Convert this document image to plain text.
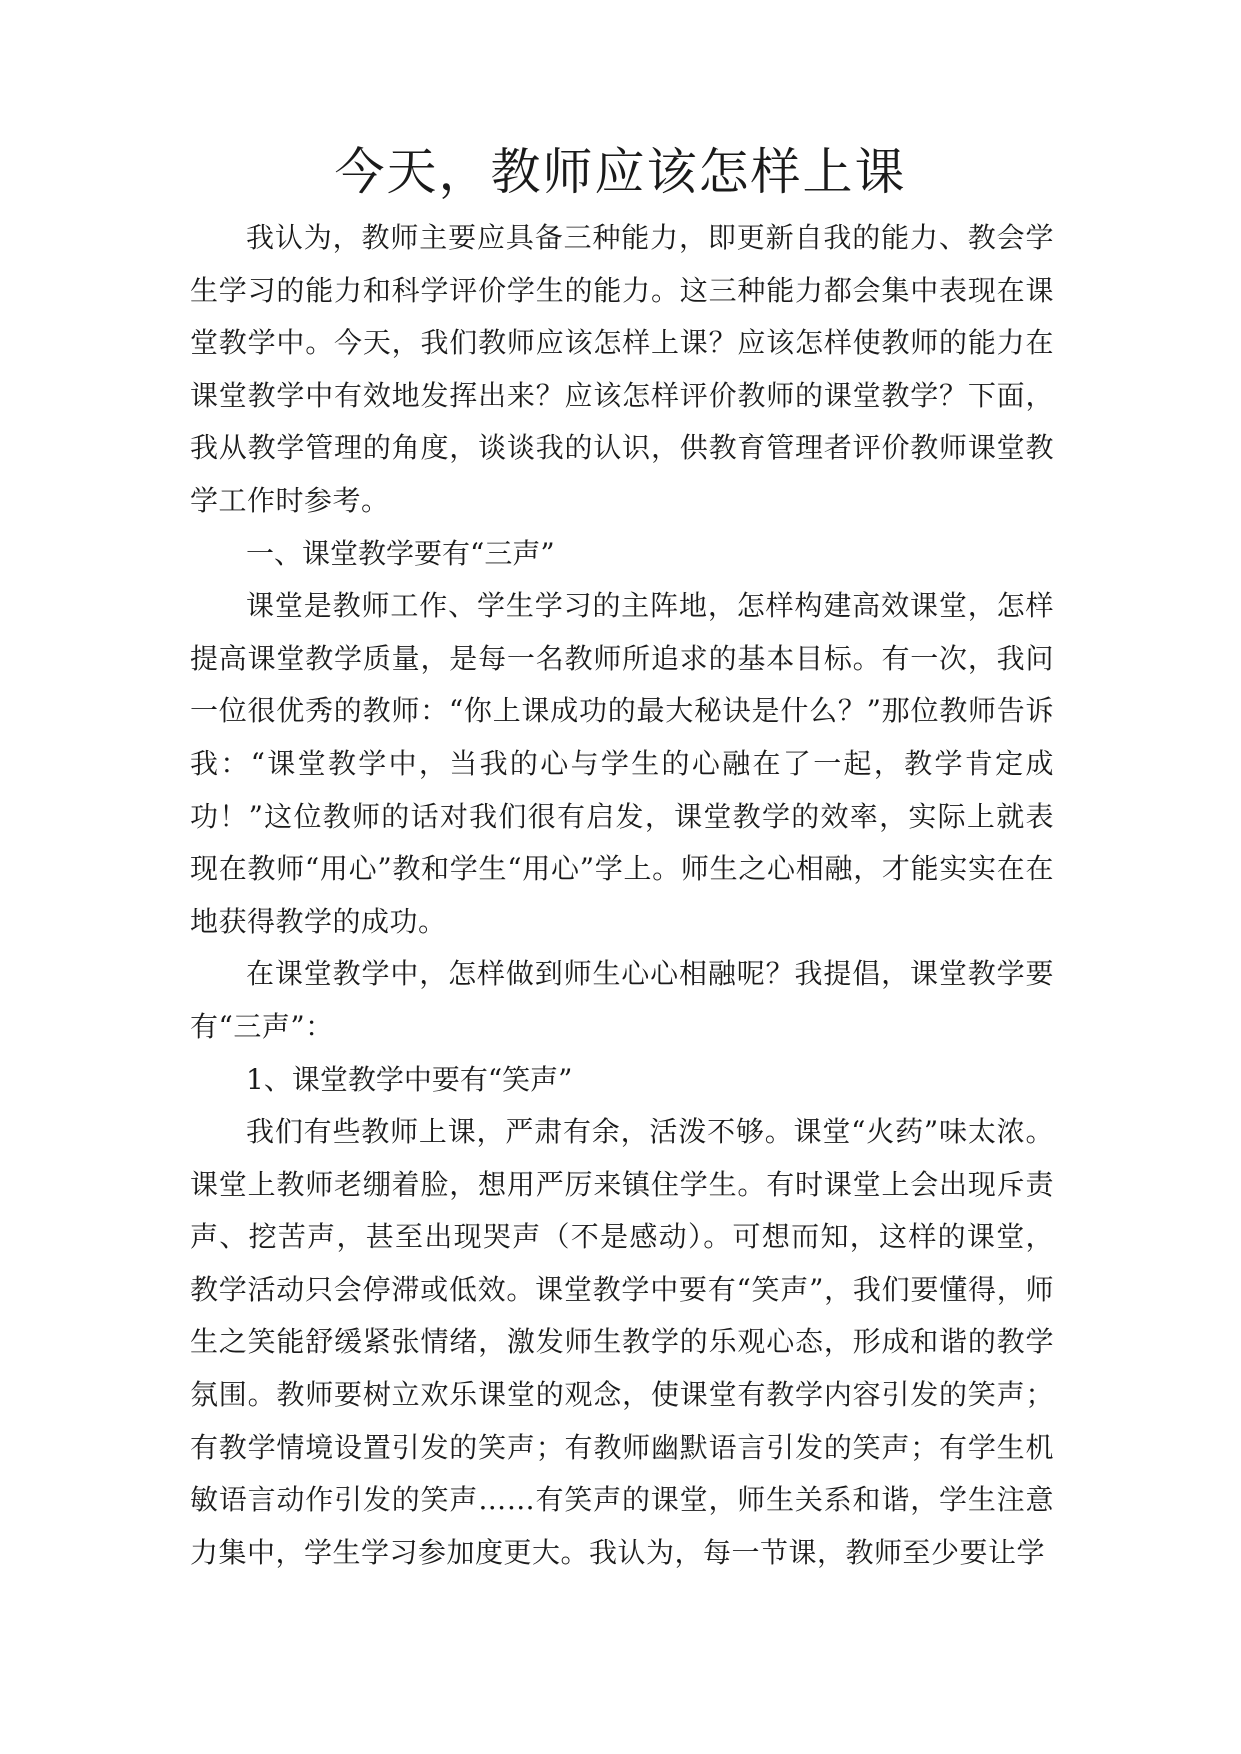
今天，教师应该怎样上课

我认为，教师主要应具备三种能力，即更新自我的能力、教会学生学习的能力和科学评价学生的能力。这三种能力都会集中表现在课堂教学中。今天，我们教师应该怎样上课？应该怎样使教师的能力在课堂教学中有效地发挥出来？应该怎样评价教师的课堂教学？下面，我从教学管理的角度，谈谈我的认识，供教育管理者评价教师课堂教学工作时参考。

一、课堂教学要有“三声”

课堂是教师工作、学生学习的主阵地，怎样构建高效课堂，怎样提高课堂教学质量，是每一名教师所追求的基本目标。有一次，我问一位很优秀的教师：“你上课成功的最大秘诀是什么？”那位教师告诉我：“课堂教学中，当我的心与学生的心融在了一起，教学肯定成功！”这位教师的话对我们很有启发，课堂教学的效率，实际上就表现在教师“用心”教和学生“用心”学上。师生之心相融，才能实实在在地获得教学的成功。

在课堂教学中，怎样做到师生心心相融呢？我提倡，课堂教学要有“三声”：

1、课堂教学中要有“笑声”

我们有些教师上课，严肃有余，活泼不够。课堂“火药”味太浓。课堂上教师老绷着脸，想用严厉来镇住学生。有时课堂上会出现斥责声、挖苦声，甚至出现哭声（不是感动）。可想而知，这样的课堂，教学活动只会停滞或低效。课堂教学中要有“笑声”，我们要懂得，师生之笑能舒缓紧张情绪，激发师生教学的乐观心态，形成和谐的教学氛围。教师要树立欢乐课堂的观念，使课堂有教学内容引发的笑声；有教学情境设置引发的笑声；有教师幽默语言引发的笑声；有学生机敏语言动作引发的笑声……有笑声的课堂，师生关系和谐，学生注意力集中，学生学习参加度更大。我认为，每一节课，教师至少要让学
